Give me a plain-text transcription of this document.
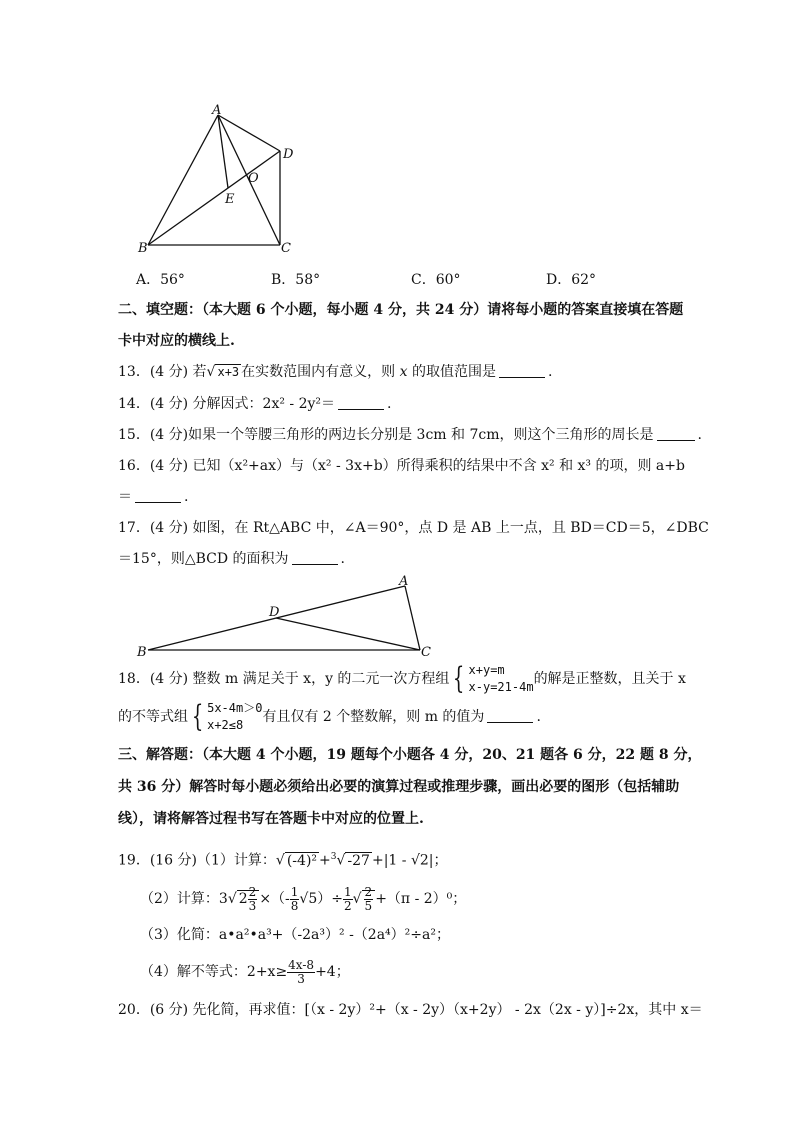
A
D
O
E
B	C
A．56°	B．58°	C．60°	D．62°
二、填空题：（本大题 6 个小题，每小题 4 分，共 24 分）请将每小题的答案直接填在答题
卡中对应的横线上.
13．(4 分) 若√ x+3 在实数范围内有意义，则 x 的取值范围是	.
14．(4 分) 分解因式：2x² - 2y²＝	.
15．(4 分)如果一个等腰三角形的两边长分别是 3cm 和 7cm，则这个三角形的周长是	.
16．(4 分) 已知（x²+ax）与（x² - 3x+b）所得乘积的结果中不含 x² 和 x³ 的项，则 a+b
＝	.
17．(4 分) 如图，在 Rt△ABC 中，∠A＝90°，点 D 是 AB 上一点，且 BD＝CD＝5，∠DBC
＝15°，则△BCD 的面积为	.
A
D
B	C
18．(4 分) 整数 m 满足关于 x，y 的二元一次方程组 { x+y=m
x-y=21-4m的解是正整数，且关于 x
的不等式组 { 5x-4m＞0
x+2≤8 有且仅有 2 个整数解，则 m 的值为	.
三、解答题：（本大题 4 个小题，19 题每个小题各 4 分，20、21 题各 6 分，22 题 8 分，
共 36 分）解答时每小题必须给出必要的演算过程或推理步骤，画出必要的图形（包括辅助
线），请将解答过程书写在答题卡中对应的位置上.
19．(16 分)（1）计算：√ (-4)² +$^3$√ -27 +|1 - √2|；
（2）计算：3√ $2 \frac{2}{3}$ ×（- $\frac{1}{8} √5)\div \frac{1}{2}$ √ $\frac{2}{5} +(\pi - 2)^0$；
（3）化简：a•a²•a³+（-2a³）² -（2a⁴）²÷a²；
（4）解不等式：$2+x\ge \frac{4x-8}{3} +4$；
20．(6 分) 先化简，再求值：[（x - 2y）²+（x - 2y）（x+2y） - 2x（2x - y）]÷2x，其中 x＝
